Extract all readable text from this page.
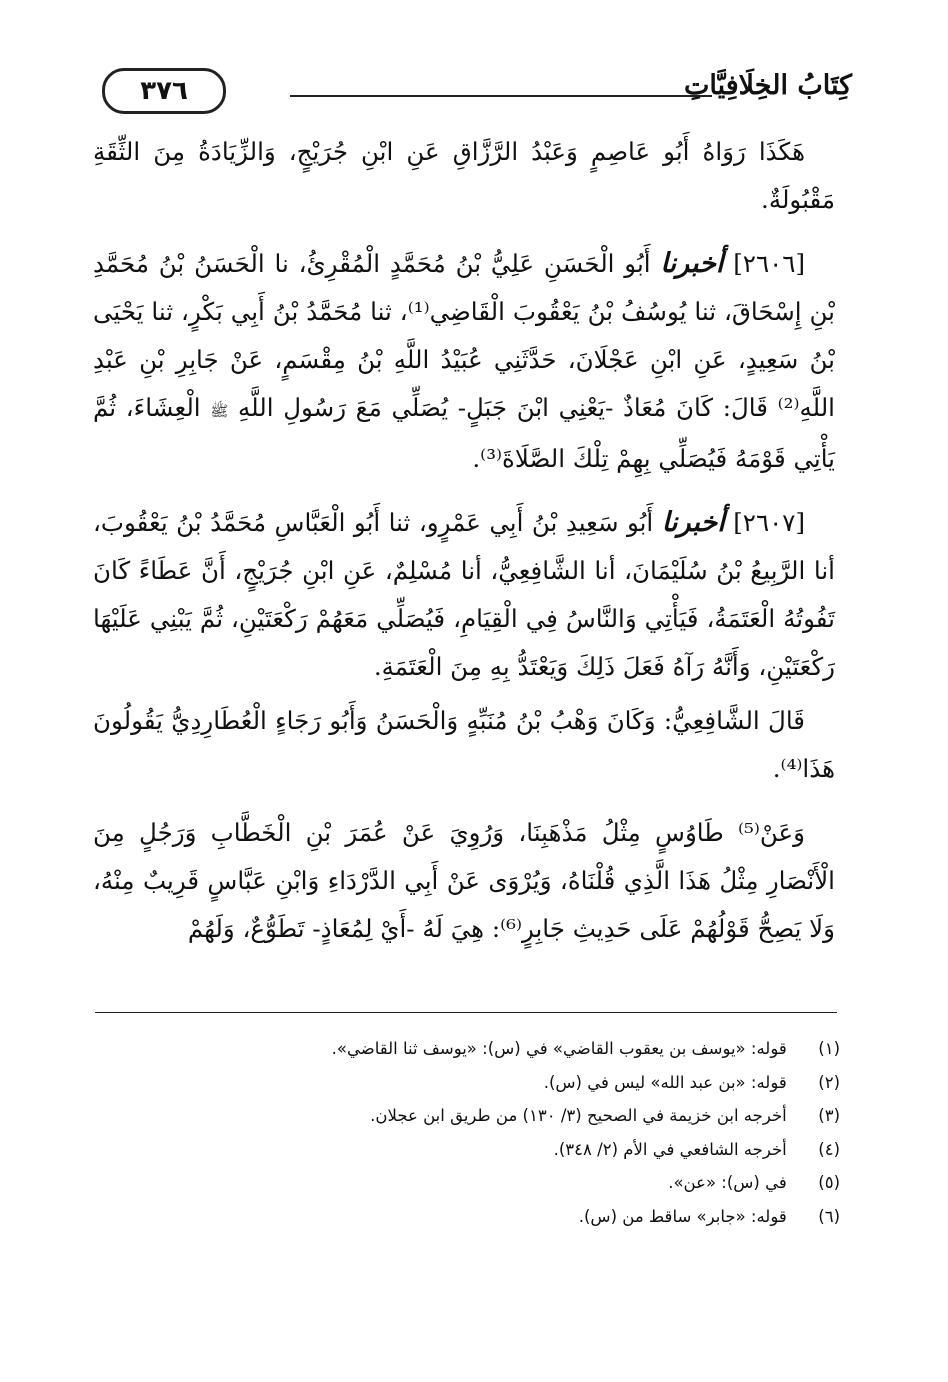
٣٧٦	كِتَابُ الخِلَافِيَّاتِ

هَكَذَا رَوَاهُ أَبُو عَاصِمٍ وَعَبْدُ الرَّزَّاقِ عَنِ ابْنِ جُرَيْجٍ، وَالزِّيَادَةُ مِنَ الثِّقَةِ مَقْبُولَةٌ.

[٢٦٠٦] أخبرنا أَبُو الْحَسَنِ عَلِيُّ بْنُ مُحَمَّدٍ الْمُقْرِئُ، نا الْحَسَنُ بْنُ مُحَمَّدِ بْنِ إِسْحَاقَ، ثنا يُوسُفُ بْنُ يَعْقُوبَ الْقَاضِي⁽¹⁾، ثنا مُحَمَّدُ بْنُ أَبِي بَكْرٍ، ثنا يَحْيَى بْنُ سَعِيدٍ، عَنِ ابْنِ عَجْلَانَ، حَدَّثَنِي عُبَيْدُ اللَّهِ بْنُ مِقْسَمٍ، عَنْ جَابِرِ بْنِ عَبْدِ اللَّهِ⁽²⁾ قَالَ: كَانَ مُعَاذٌ -يَعْنِي ابْنَ جَبَلٍ- يُصَلِّي مَعَ رَسُولِ اللَّهِ ﷺ الْعِشَاءَ، ثُمَّ يَأْتِي قَوْمَهُ فَيُصَلِّي بِهِمْ تِلْكَ الصَّلَاةَ⁽³⁾.

[٢٦٠٧] أخبرنا أَبُو سَعِيدِ بْنُ أَبِي عَمْرٍو، ثنا أَبُو الْعَبَّاسِ مُحَمَّدُ بْنُ يَعْقُوبَ، أنا الرَّبِيعُ بْنُ سُلَيْمَانَ، أنا الشَّافِعِيُّ، أنا مُسْلِمٌ، عَنِ ابْنِ جُرَيْجٍ، أَنَّ عَطَاءً كَانَ تَفُوتُهُ الْعَتَمَةُ، فَيَأْتِي وَالنَّاسُ فِي الْقِيَامِ، فَيُصَلِّي مَعَهُمْ رَكْعَتَيْنِ، ثُمَّ يَبْنِي عَلَيْهَا رَكْعَتَيْنِ، وَأَنَّهُ رَآهُ فَعَلَ ذَلِكَ وَيَعْتَدُّ بِهِ مِنَ الْعَتَمَةِ.

قَالَ الشَّافِعِيُّ: وَكَانَ وَهْبُ بْنُ مُنَبِّهٍ وَالْحَسَنُ وَأَبُو رَجَاءٍ الْعُطَارِدِيُّ يَقُولُونَ هَذَا⁽⁴⁾.

وَعَنْ⁽⁵⁾ طَاوُسٍ مِثْلُ مَذْهَبِنَا، وَرُوِيَ عَنْ عُمَرَ بْنِ الْخَطَّابِ وَرَجُلٍ مِنَ الْأَنْصَارِ مِثْلُ هَذَا الَّذِي قُلْنَاهُ، وَيُرْوَى عَنْ أَبِي الدَّرْدَاءِ وَابْنِ عَبَّاسٍ قَرِيبٌ مِنْهُ، وَلَا يَصِحُّ قَوْلُهُمْ عَلَى حَدِيثِ جَابِرٍ⁽⁶⁾: هِيَ لَهُ -أَيْ لِمُعَاذٍ- تَطَوُّعٌ، وَلَهُمْ

(١) قوله: «يوسف بن يعقوب القاضي» في (س): «يوسف ثنا القاضي».
(٢) قوله: «بن عبد الله» ليس في (س).
(٣) أخرجه ابن خزيمة في الصحيح (٣/ ١٣٠) من طريق ابن عجلان.
(٤) أخرجه الشافعي في الأم (٢/ ٣٤٨).
(٥) في (س): «عن».
(٦) قوله: «جابر» ساقط من (س).
